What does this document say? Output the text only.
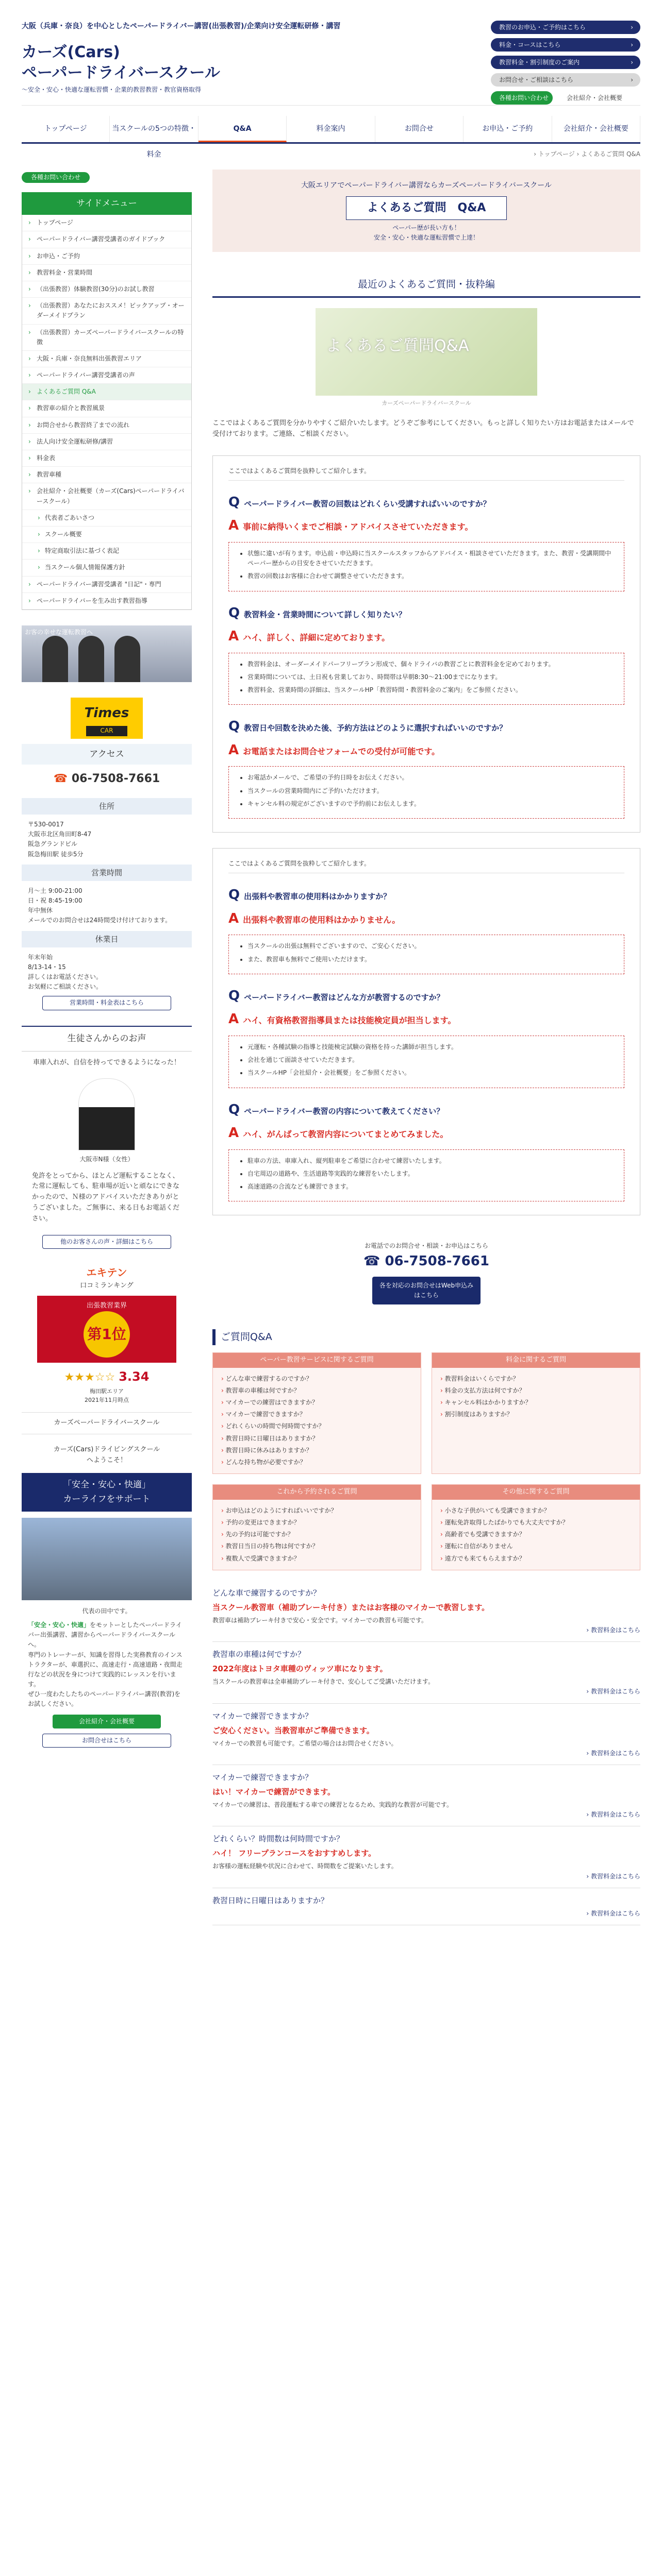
大阪（兵庫・奈良）を中心としたペーパードライバー講習(出張教習)/企業向け安全運転研修・講習
カーズ(Cars)
ペーパードライバースクール
～安全・安心・快適な運転習慣・企業的教習教習・教官資格取得
教習のお申込・ご予約はこちら	›
料金・コースはこちら	›
教習料金・割引制度のご案内	›
お問合せ・ご相談はこちら	›
各種お問い合わせ	会社紹介・会社概要
トップページ	当スクールの5つの特徴・料金
Q&A	料金案内	お問合せ	お申込・ご予約	会社紹介・会社概要
› トップページ › よくあるご質問 Q&A
各種お問い合わせ
サイドメニュー
› トップページ
› ペーパードライバー講習受講者のガイドブック
› お申込・ご予約
› 教習料金・営業時間
› （出張教習）体験教習(30分)のお試し教習
› （出張教習）あなたにおススメ！ピックアップ・オーダーメイドプラン
› （出張教習）カーズペーパードライバースクールの特徴
› 大阪・兵庫・奈良無料出張教習エリア
› ペーパードライバー講習受講者の声
› よくあるご質問 Q&A
› 教習車の紹介と教習風景
› お問合せから教習終了までの流れ
› 法人向け安全運転研修/講習
› 料金表
› 教習車種
› 会社紹介・会社概要（カーズ(Cars)ペーパードライバースクール）
› 代表者ごあいさつ
› スクール概要
› 特定商取引法に基づく表記
› 当スクール個人情報保護方針
› ペーパードライバー講習受講者 "日記"・専門
› ペーパードライバーを生み出す教習指導
お客の幸せな運転教習へ
Times
CAR
アクセス
☎ 06-7508-7661
住所
〒530-0017
大阪市北区角田町8-47
阪急グランドビル
阪急梅田駅 徒歩5分
営業時間
月〜土 9:00-21:00
日・祝 8:45-19:00
年中無休
メールでのお問合せは24時間受け付けております。
休業日
年末年始
8/13-14・15
詳しくはお電話ください。
お気軽にご相談ください。
営業時間・料金表はこちら
生徒さんからのお声
車庫入れが、自信を持ってできるようになった！
大阪市N様（女性）
免許をとってから、ほとんど運転することなく、た常に運転しても、駐車場が近いと頑なにできなかったので、Ｎ様のアドバイスいただきありがとうございました。ご無事に、来る日もお電話ください。
他のお客さんの声・詳細はこちら
エキテン
口コミランキング
出張教習業界
第1位
★★★☆☆ 3.34
梅田駅エリア
2021年11月時点
カーズペーパードライバースクール
カーズ(Cars)ドライビングスクール
へようこそ！
「安全・安心・快適」
カーライフをサポート
代表の田中です。
「安全・安心・快適」をモットーとしたペーパードライバー出張講習、講習からペーパードライバースクールへ。

専門のトレーナーが、知識を習得した実務教育のインストラクターが、車選択に、高速走行・高速道路・夜間走行などの状況を身につけて実践的にレッスンを行います。

ぜひ一度わたしたちのペーパードライバー講習(教習)をお試しください。

会社紹介・会社概要
お問合せはこちら
大阪エリアでペーパードライバー講習ならカーズペーパードライバースクール
よくあるご質問　Q&A
ペーパー歴が長い方も！
安全・安心・快適な運転習慣で上達！
最近のよくあるご質問・抜粋編
よくあるご質問Q&A
カーズペーパードライバースクール
ここではよくあるご質問を分かりやすくご紹介いたします。どうぞご参考にしてください。もっと詳しく知りたい方はお電話またはメールで受付けております。ご連絡、ご相談ください。
ここではよくあるご質問を抜粋してご紹介します。
Qペーパードライバー教習の回数はどれくらい受講すればいいのですか？
A事前に納得いくまでご相談・アドバイスさせていただきます。
• 状態に違いが有ります。申込前・申込時に当スクールスタッフからアドバイス・相談させていただきます。また、教習・受講期間中ペーパー歴からの目安をさせていただきます。
• 教習の回数はお客様に合わせて調整させていただきます。
Q教習料金・営業時間について詳しく知りたい？
Aハイ、詳しく、詳細に定めております。
• 教習料金は、オーダーメイドパーフリープラン形成で、個々ドライバの教習ごとに教習料金を定めております。
• 営業時間については、土日祝も営業しており、時間帯は早朝8:30〜21:00までになります。
• 教習料金、営業時間の詳細は、当スクールHP「教習時間・教習料金のご案内」をご参照ください。
Q教習日や回数を決めた後、予約方法はどのように選択すればいいのですか？
Aお電話またはお問合せフォームでの受付が可能です。
• お電話かメールで、ご希望の予約日時をお伝えください。
• 当スクールの営業時間内にご予約いただけます。
• キャンセル料の規定がございますので予約前にお伝えします。
ここではよくあるご質問を抜粋してご紹介します。
Q出張料や教習車の使用料はかかりますか？
A出張料や教習車の使用料はかかりません。
• 当スクールの出張は無料でございますので、ご安心ください。
• また、教習車も無料でご使用いただけます。
Qペーパードライバー教習はどんな方が教習するのですか？
Aハイ、有資格教習指導員または技能検定員が担当します。
• 元運転・各種試験の指導と技能検定試験の資格を持った講師が担当します。
• 会社を通じて面談させていただきます。
• 当スクールHP「会社紹介・会社概要」をご参照ください。
Qペーパードライバー教習の内容について教えてください？
Aハイ、がんばって教習内容についてまとめてみました。
• 駐車の方法、車庫入れ、縦列駐車をご希望に合わせて練習いたします。
• 自宅周辺の道路や、生活道路等実践的な練習をいたします。
• 高速道路の合流なども練習できます。
お電話でのお問合せ・相談・お申込はこちら
☎ 06-7508-7661
各を対応のお問合せはWeb申込みはこちら
ご質問Q&A
ペーパー教習サービスに関するご質問
› どんな車で練習するのですか？
› 教習車の車種は何ですか？
› マイカーでの練習はできますか？
› マイカーで練習できますか？
› どれくらいの時間で何時間ですか？
› 教習日時に日曜日はありますか？
› 教習日時に休みはありますか？
› どんな持ち物が必要ですか？
料金に関するご質問
› 教習料金はいくらですか？
› 料金の支払方法は何ですか？
› キャンセル料はかかりますか？
› 割引制度はありますか？
これから予約されるご質問
› お申込はどのようにすればいいですか？
› 予約の変更はできますか？
› 先の予約は可能ですか？
› 教習日当日の持ち物は何ですか？
› 複数人で受講できますか？
その他に関するご質問
› 小さな子供がいても受講できますか？
› 運転免許取得したばかりでも大丈夫ですか？
› 高齢者でも受講できますか？
› 運転に自信がありません
› 遠方でも来てもらえますか？
どんな車で練習するのですか？
当スクール教習車（補助ブレーキ付き）またはお客様のマイカーで教習します。
教習車は補助ブレーキ付きで安心・安全です。マイカーでの教習も可能です。
› 教習料金はこちら
教習車の車種は何ですか？
2022年度はトヨタ車種のヴィッツ車になります。
当スクールの教習車は全車補助ブレーキ付きで、安心してご受講いただけます。
› 教習料金はこちら
マイカーで練習できますか？
ご安心ください。当教習車がご準備できます。
マイカーでの教習も可能です。ご希望の場合はお問合せください。
› 教習料金はこちら
マイカーで練習できますか？
はい！マイカーで練習ができます。
マイカーでの練習は、普段運転する車での練習となるため、実践的な教習が可能です。
› 教習料金はこちら
どれくらい？時間数は何時間ですか？
ハイ！ フリープランコースをおすすめします。
お客様の運転経験や状況に合わせて、時間数をご提案いたします。
› 教習料金はこちら
教習日時に日曜日はありますか？
› 教習料金はこちら
